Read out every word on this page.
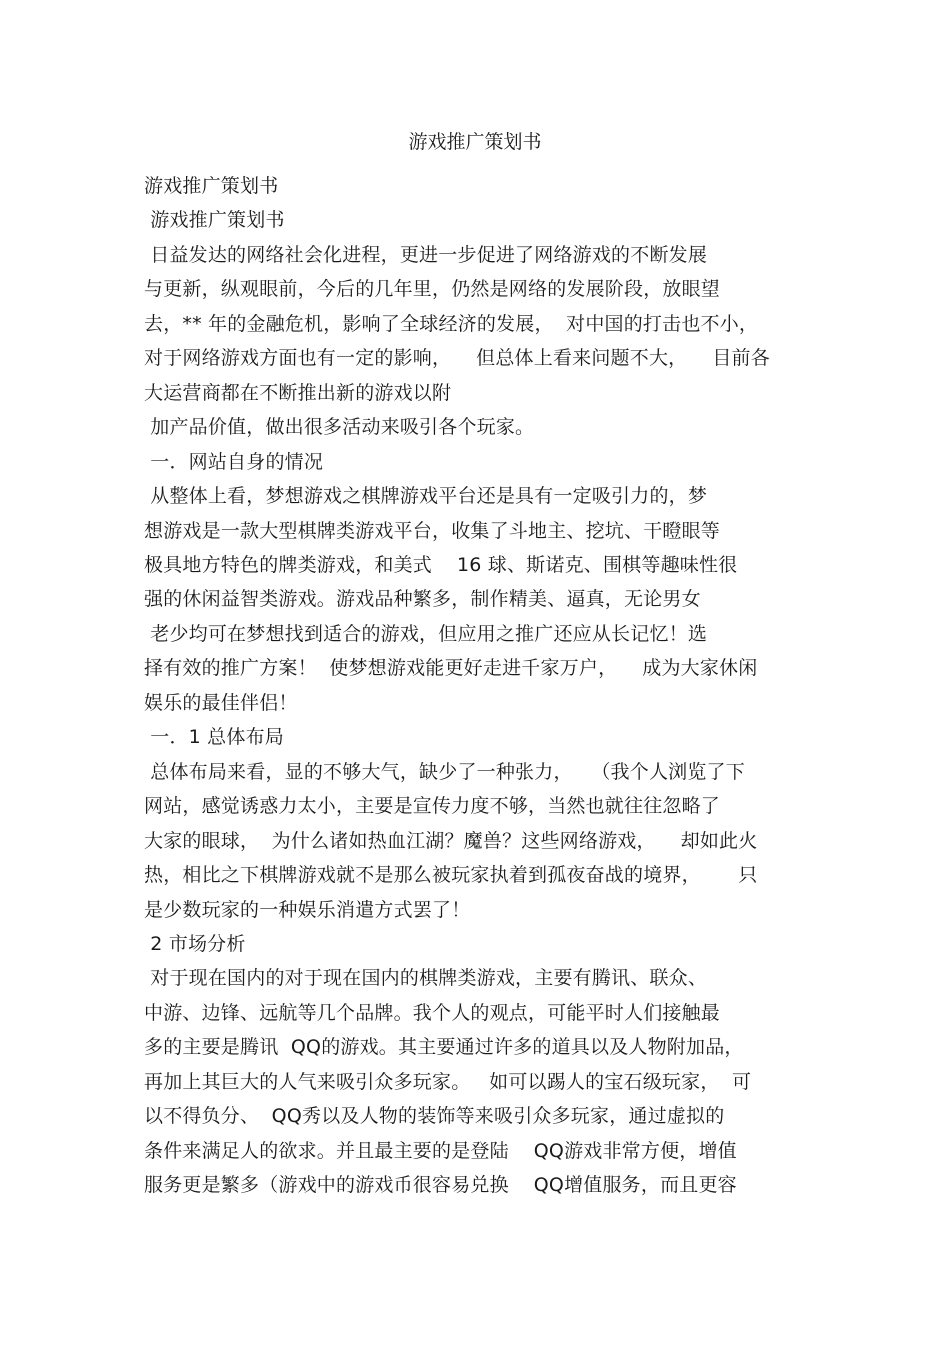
游戏推广策划书
游戏推广策划书
游戏推广策划书
日益发达的网络社会化进程，更进一步促进了网络游戏的不断发展
与更新，纵观眼前，今后的几年里，仍然是网络的发展阶段，放眼望
去，** 年的金融危机，影响了全球经济的发展，  对中国的打击也不小，
对于网络游戏方面也有一定的影响，    但总体上看来问题不大，    目前各
大运营商都在不断推出新的游戏以附
加产品价值，做出很多活动来吸引各个玩家。
一．网站自身的情况
从整体上看，梦想游戏之棋牌游戏平台还是具有一定吸引力的，梦
想游戏是一款大型棋牌类游戏平台，收集了斗地主、挖坑、干瞪眼等
极具地方特色的牌类游戏，和美式    16 球、斯诺克、围棋等趣味性很
强的休闲益智类游戏。游戏品种繁多，制作精美、逼真，无论男女
老少均可在梦想找到适合的游戏，但应用之推广还应从长记忆！选
择有效的推广方案！  使梦想游戏能更好走进千家万户，    成为大家休闲
娱乐的最佳伴侣！
一．1 总体布局
总体布局来看，显的不够大气，缺少了一种张力，   （我个人浏览了下
网站，感觉诱惑力太小，主要是宣传力度不够，当然也就往往忽略了
大家的眼球，  为什么诸如热血江湖？魔兽？这些网络游戏，    却如此火
热，相比之下棋牌游戏就不是那么被玩家执着到孤夜奋战的境界，      只
是少数玩家的一种娱乐消遣方式罢了！
2 市场分析
对于现在国内的对于现在国内的棋牌类游戏，主要有腾讯、联众、
中游、边锋、远航等几个品牌。我个人的观点，可能平时人们接触最
多的主要是腾讯  QQ的游戏。其主要通过许多的道具以及人物附加品，
再加上其巨大的人气来吸引众多玩家。   如可以踢人的宝石级玩家，  可
以不得负分、  QQ秀以及人物的装饰等来吸引众多玩家，通过虚拟的
条件来满足人的欲求。并且最主要的是登陆    QQ游戏非常方便，增值
服务更是繁多（游戏中的游戏币很容易兑换    QQ增值服务，而且更容
